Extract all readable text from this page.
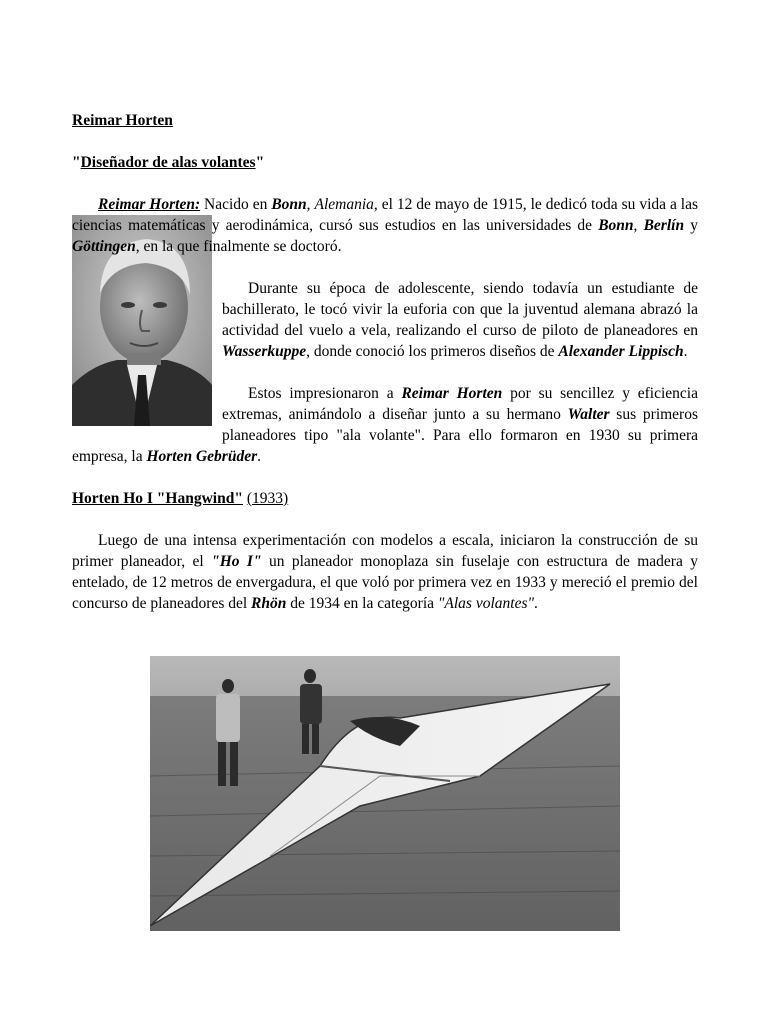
Reimar Horten

"Diseñador de alas volantes"

Reimar Horten: Nacido en Bonn, Alemania, el 12 de mayo de 1915, le dedicó toda su vida a las ciencias matemáticas y aerodinámica, cursó sus estudios en las universidades de Bonn, Berlín y Göttingen, en la que finalmente se doctoró.

Durante su época de adolescente, siendo todavía un estudiante de bachillerato, le tocó vivir la euforia con que la juventud alemana abrazó la actividad del vuelo a vela, realizando el curso de piloto de planeadores en Wasserkuppe, donde conoció los primeros diseños de Alexander Lippisch.

Estos impresionaron a Reimar Horten por su sencillez y eficiencia extremas, animándolo a diseñar junto a su hermano Walter sus primeros planeadores tipo "ala volante". Para ello formaron en 1930 su primera empresa, la Horten Gebrüder.

Horten Ho I "Hangwind" (1933)

Luego de una intensa experimentación con modelos a escala, iniciaron la construcción de su primer planeador, el "Ho I" un planeador monoplaza sin fuselaje con estructura de madera y entelado, de 12 metros de envergadura, el que voló por primera vez en 1933 y mereció el premio del concurso de planeadores del Rhön de 1934 en la categoría "Alas volantes".
